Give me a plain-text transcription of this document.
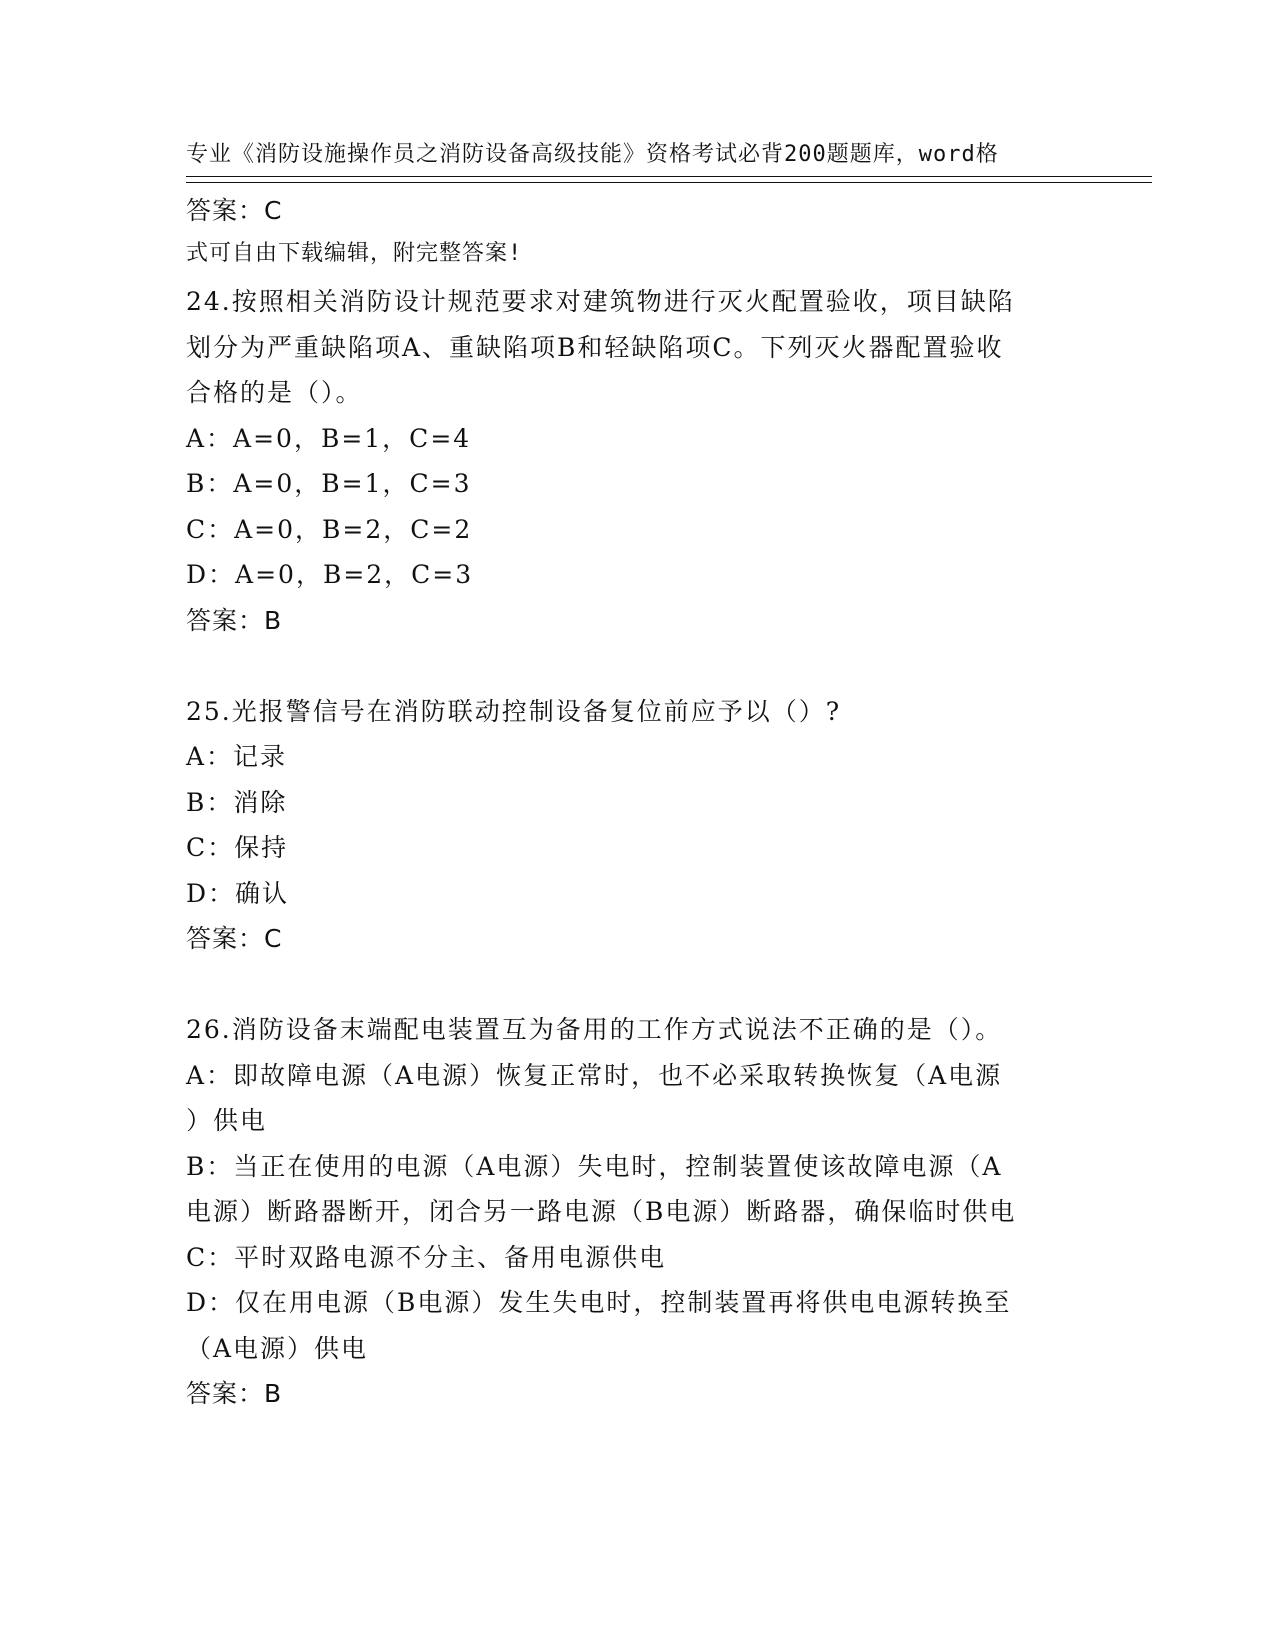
专业《消防设施操作员之消防设备高级技能》资格考试必背200题题库，word格

式可自由下载编辑，附完整答案!

答案：C
24.按照相关消防设计规范要求对建筑物进行灭火配置验收，项目缺陷
划分为严重缺陷项A、重缺陷项B和轻缺陷项C。下列灭火器配置验收
合格的是（）。
A：A=0，B=1，C=4
B：A=0，B=1，C=3
C：A=0，B=2，C=2
D：A=0，B=2，C=3
答案：B
25.光报警信号在消防联动控制设备复位前应予以（）?
A：记录
B：消除
C：保持
D：确认
答案：C
26.消防设备末端配电装置互为备用的工作方式说法不正确的是（）。
A：即故障电源（A电源）恢复正常时，也不必采取转换恢复（A电源
）供电
B：当正在使用的电源（A电源）失电时，控制装置使该故障电源（A
电源）断路器断开，闭合另一路电源（B电源）断路器，确保临时供电
C：平时双路电源不分主、备用电源供电
D：仅在用电源（B电源）发生失电时，控制装置再将供电电源转换至
（A电源）供电
答案：B
